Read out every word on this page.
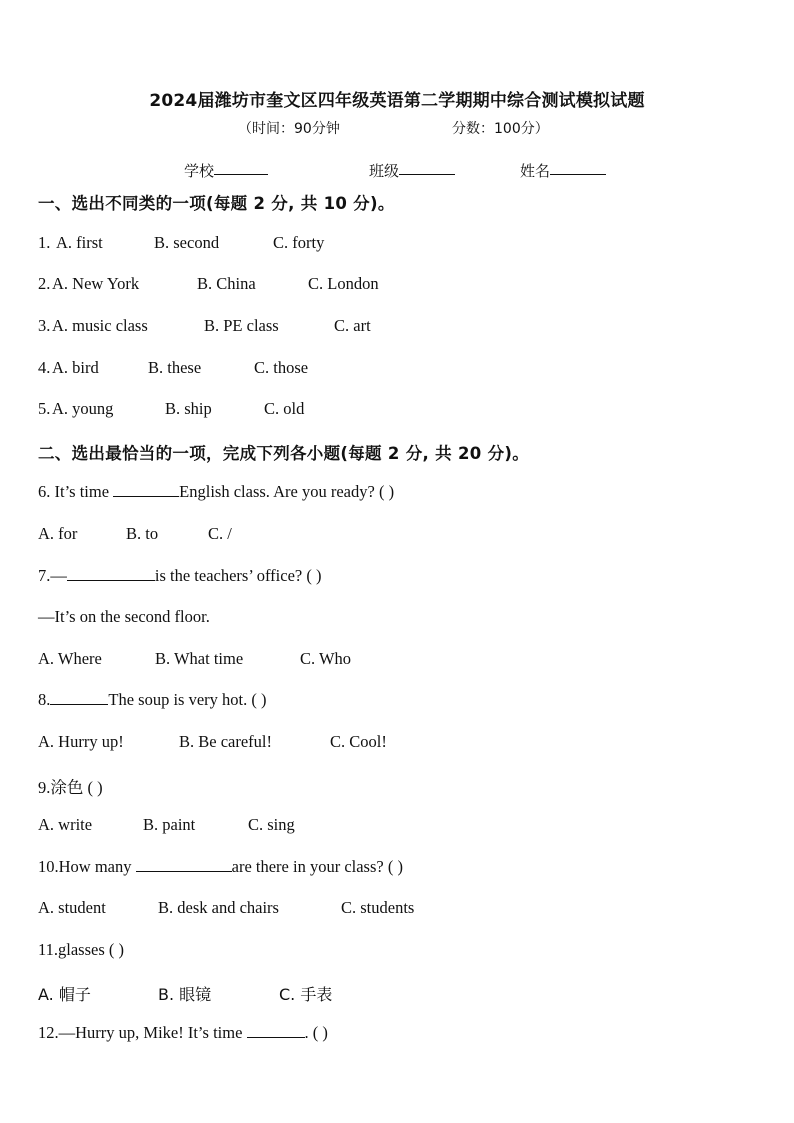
2024届潍坊市奎文区四年级英语第二学期期中综合测试模拟试题
（时间：90分钟	分数：100分）
学校	班级	姓名
一、选出不同类的一项(每题 2 分, 共 10 分)。
1. A. first	B. second	C. forty
2. A. New York	B. China	C. London
3. A. music class	B. PE class	C. art
4. A. bird	B. these	C. those
5. A. young	B. ship	C. old
二、选出最恰当的一项，完成下列各小题(每题 2 分, 共 20 分)。
6. It’s time	English class. Are you ready? ( )
A. for	B. to	C. /
7.—	is the teachers’ office? ( )
—It’s on the second floor.
A. Where	B. What time	C. Who
8.	The soup is very hot. ( )
A. Hurry up!	B. Be careful!	C. Cool!
9.涂色 ( )
A. write	B. paint	C. sing
10.How many	are there in your class? ( )
A. student	B. desk and chairs	C. students
11.glasses ( )
A. 帽子	B. 眼镜	C. 手表
12.—Hurry up, Mike! It’s time	. ( )
